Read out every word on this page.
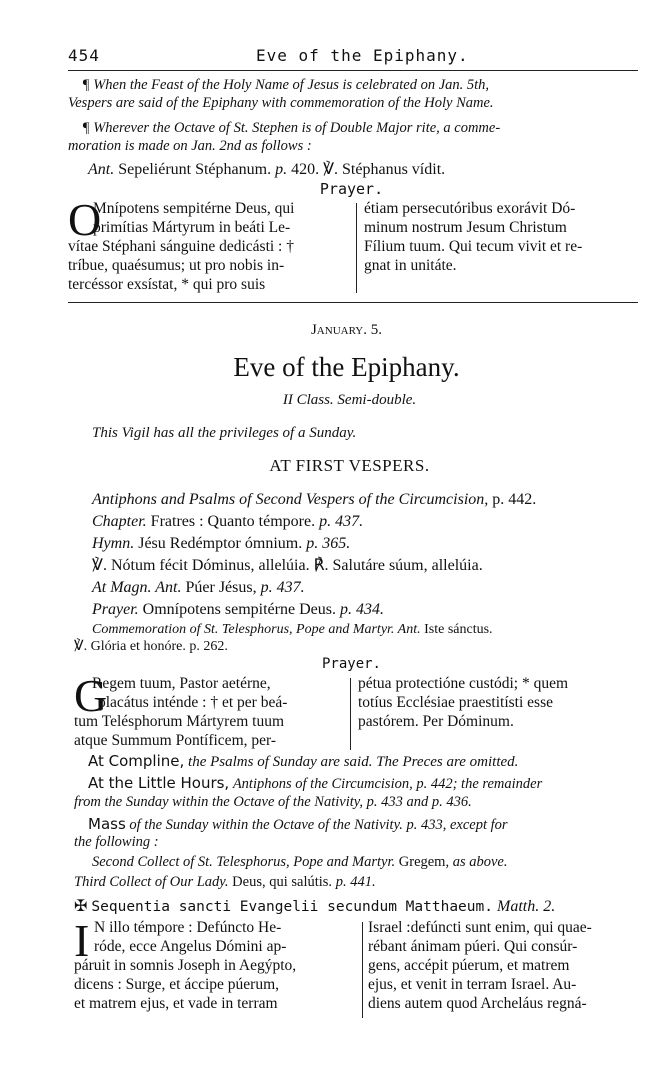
454	Eve of the Epiphany.
¶ When the Feast of the Holy Name of Jesus is celebrated on Jan. 5th,
Vespers are said of the Epiphany with commemoration of the Holy Name.
¶ Wherever the Octave of St. Stephen is of Double Major rite, a comme-
moration is made on Jan. 2nd as follows :
Ant. Sepeliérunt Stéphanum. p. 420. ℣. Stéphanus vídit.
Prayer.
O
Mnípotens sempitérne Deus, qui
primítias Mártyrum in beáti Le-
vítae Stéphani sánguine dedicásti : †
tríbue, quaésumus; ut pro nobis in-
tercéssor exsístat, * qui pro suis
étiam persecutóribus exorávit Dó-
minum nostrum Jesum Christum
Fílium tuum. Qui tecum vivit et re-
gnat in unitáte.
January. 5.
Eve of the Epiphany.
II Class. Semi-double.
This Vigil has all the privileges of a Sunday.
AT FIRST VESPERS.
Antiphons and Psalms of Second Vespers of the Circumcision, p. 442.
Chapter. Fratres : Quanto témpore. p. 437.
Hymn. Jésu Redémptor ómnium. p. 365.
℣. Nótum fécit Dóminus, allelúia. ℟. Salutáre súum, allelúia.
At Magn. Ant. Púer Jésus, p. 437.
Prayer. Omnípotens sempitérne Deus. p. 434.
Commemoration of St. Telesphorus, Pope and Martyr. Ant. Iste sánctus.
℣. Glória et honóre. p. 262.
Prayer.
G
Regem tuum, Pastor aetérne,
placátus inténde : † et per beá-
tum Telésphorum Mártyrem tuum
atque Summum Pontíficem, per-
pétua protectióne custódi; * quem
totíus Ecclésiae praestitísti esse
pastórem. Per Dóminum.
At Compline, the Psalms of Sunday are said. The Preces are omitted.
At the Little Hours, Antiphons of the Circumcision, p. 442; the remainder
from the Sunday within the Octave of the Nativity, p. 433 and p. 436.
Mass of the Sunday within the Octave of the Nativity. p. 433, except for
the following :
Second Collect of St. Telesphorus, Pope and Martyr. Gregem, as above.
Third Collect of Our Lady. Deus, qui salútis. p. 441.
✠ Sequentia sancti Evangelii secundum Matthaeum. Matth. 2.
I N illo témpore : Defúncto He-
róde, ecce Angelus Dómini ap-
páruit in somnis Joseph in Aegýpto,
dicens : Surge, et áccipe púerum,
et matrem ejus, et vade in terram
Israel :defúncti sunt enim, qui quae-
rébant ánimam púeri. Qui consúr-
gens, accépit púerum, et matrem
ejus, et venit in terram Israel. Au-
diens autem quod Archeláus regná-
